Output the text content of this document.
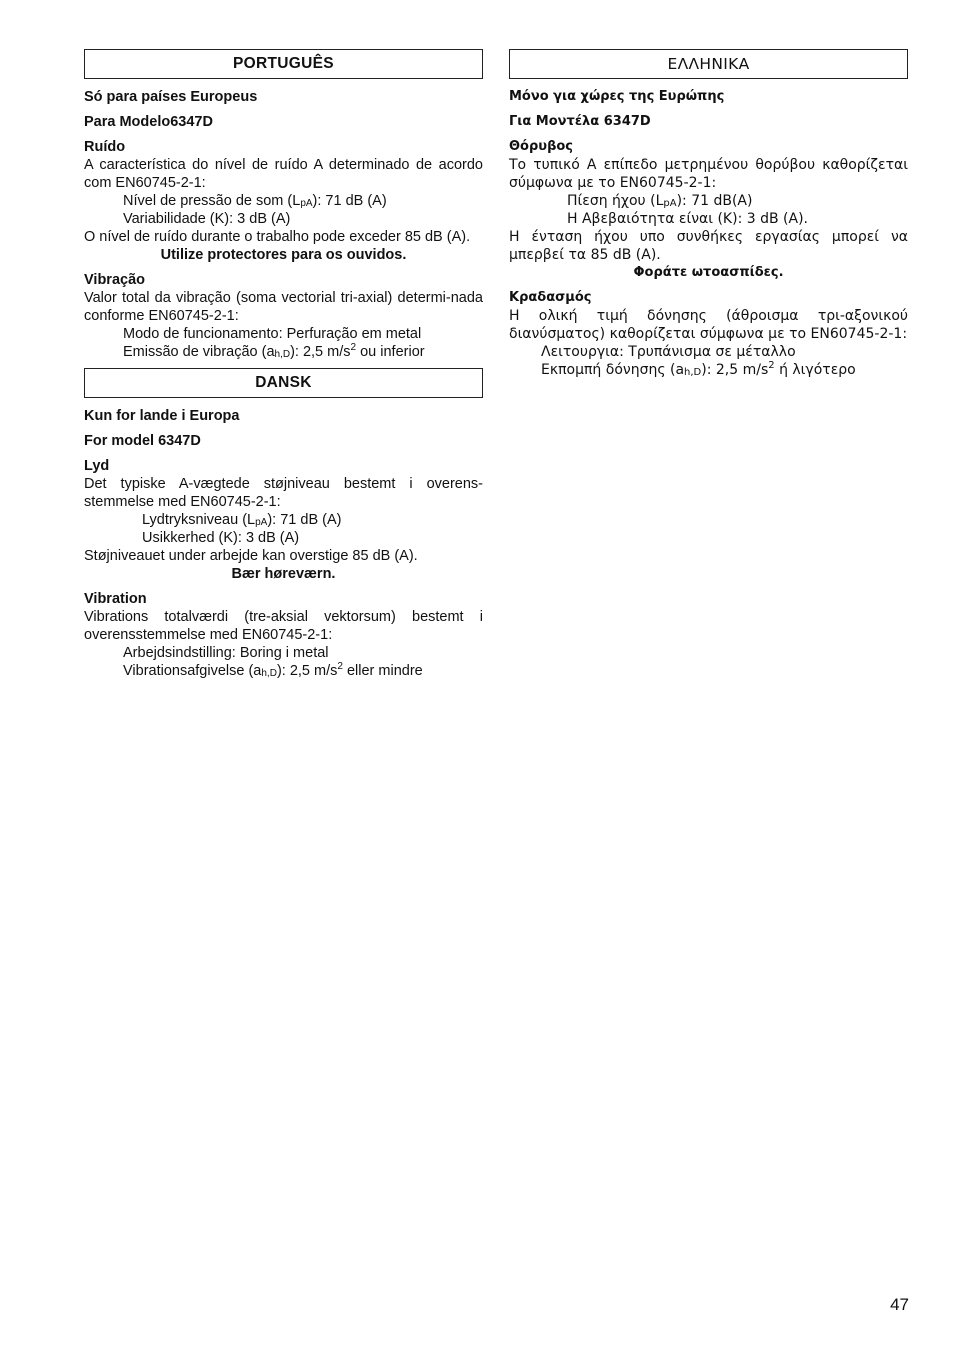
PORTUGUÊS
Só para países Europeus
Para Modelo6347D
Ruído
A característica do nível de ruído A determinado de acordo com EN60745-2-1:
Nível de pressão de som $(L_{pA})$: 71 dB (A)
Variabilidade (K): 3 dB (A)
O nível de ruído durante o trabalho pode exceder 85 dB (A).
Utilize protectores para os ouvidos.
Vibração
Valor total da vibração (soma vectorial tri-axial) determi-nada conforme EN60745-2-1:
Modo de funcionamento: Perfuração em metal
Emissão de vibração $(a_{h,D})$: 2,5 $m/s^2$ ou inferior
DANSK
Kun for lande i Europa
For model 6347D
Lyd
Det typiske A-vægtede støjniveau bestemt i overens-stemmelse med EN60745-2-1:
Lydtryksniveau $(L_{pA})$: 71 dB (A)
Usikkerhed (K): 3 dB (A)
Støjniveauet under arbejde kan overstige 85 dB (A).
Bær høreværn.
Vibration
Vibrations totalværdi (tre-aksial vektorsum) bestemt i overensstemmelse med EN60745-2-1:
Arbejdsindstilling: Boring i metal
Vibrationsafgivelse $(a_{h,D})$: 2,5 $m/s^2$ eller mindre
ΕΛΛΗΝΙΚΑ
Μόνο για χώρες της Ευρώπης
Για Μοντέλα 6347D
Θόρυβος
Το τυπικό Α επίπεδο μετρημένου θορύβου καθορίζεται σύμφωνα με το EN60745-2-1:
Πίεση ήχου $(L_{pA})$: 71 dB(A)
Η Αβεβαιότητα είναι (K): 3 dB (A).
Η ένταση ήχου υπο συνθήκες εργασίας μπορεί να μπερβεί τα 85 dB (A).
Φοράτε ωτοασπίδες.
Κραδασμός
Η ολική τιμή δόνησης (άθροισμα τρι-αξονικού διανύσματος) καθορίζεται σύμφωνα με το EN60745-2-1:
Λειτουργια: Τρυπάνισμα σε μέταλλο
Εκπομπή δόνησης $(a_{h,D})$: 2,5 $m/s^2$ ή λιγότερο
47
